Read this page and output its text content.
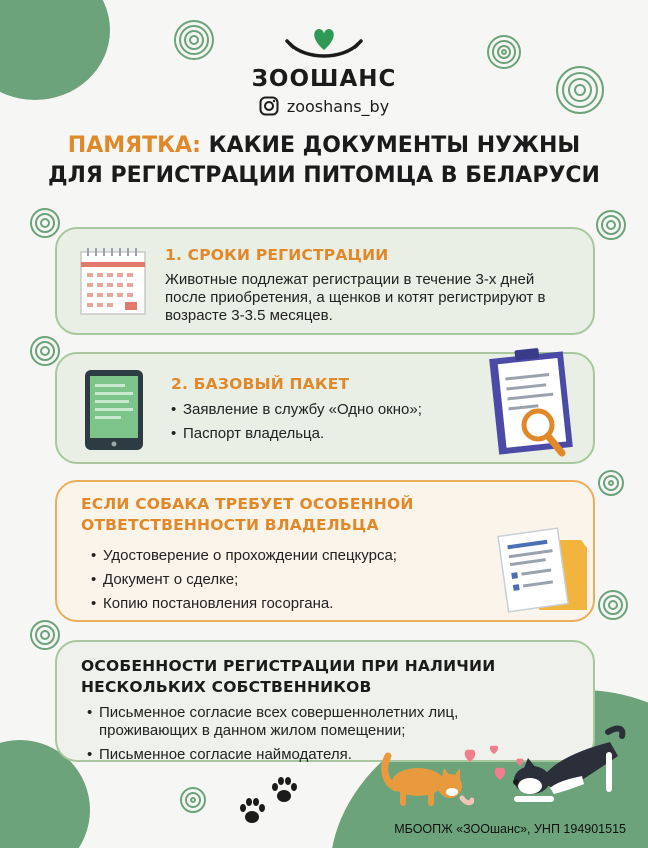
ЗООШАНС
zooshans_by
ПАМЯТКА: КАКИЕ ДОКУМЕНТЫ НУЖНЫ
ДЛЯ РЕГИСТРАЦИИ ПИТОМЦА В БЕЛАРУСИ
1. СРОКИ РЕГИСТРАЦИИ
Животные подлежат регистрации в течение 3-х дней после приобретения, а щенков и котят регистрируют в возрасте 3-3.5 месяцев.
2. БАЗОВЫЙ ПАКЕТ
• Заявление в службу «Одно окно»;
• Паспорт владельца.
ЕСЛИ СОБАКА ТРЕБУЕТ ОСОБЕННОЙ
ОТВЕТСТВЕННОСТИ ВЛАДЕЛЬЦА
• Удостоверение о прохождении спецкурса;
• Документ о сделке;
• Копию постановления госоргана.
ОСОБЕННОСТИ РЕГИСТРАЦИИ ПРИ НАЛИЧИИ
НЕСКОЛЬКИХ СОБСТВЕННИКОВ
• Письменное согласие всех совершеннолетних лиц, проживающих в данном жилом помещении;
• Письменное согласие наймодателя.
МБООПЖ «ЗООшанс», УНП 194901515
